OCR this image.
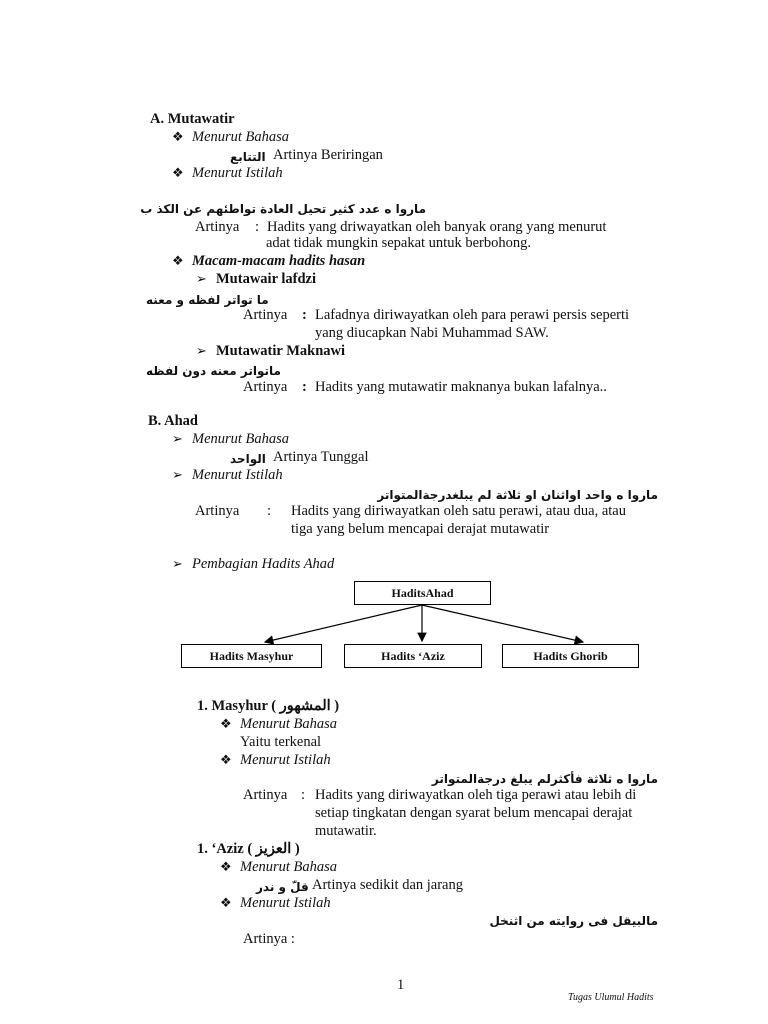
A. Mutawatir
❖ Menurut Bahasa
التتابع Artinya Beriringan
❖ Menurut Istilah
ماروا ه عدد كثير تحيل العادة تواطئهم عن الكذ ب
Artinya : Hadits yang driwayatkan oleh banyak orang yang menurut
adat tidak mungkin sepakat untuk berbohong.
❖ Macam-macam hadits hasan
➢ Mutawair lafdzi
ما تواتر لفظه و معنه
Artinya : Lafadnya diriwayatkan oleh para perawi persis seperti
yang diucapkan Nabi Muhammad SAW.
➢ Mutawatir Maknawi
ماتواتر معنه دون لفظه
Artinya : Hadits yang mutawatir maknanya bukan lafalnya..
B. Ahad
➢ Menurut Bahasa
الواحد Artinya Tunggal
➢ Menurut Istilah
ماروا ه واحد اواثنان او ثلاثة لم يبلغدرجةالمتواتر
Artinya : Hadits yang diriwayatkan oleh satu perawi, atau dua, atau
tiga yang belum mencapai derajat mutawatir
➢ Pembagian Hadits Ahad
HaditsAhad
Hadits Masyhur	Hadits ‘Aziz	Hadits Ghorib
1. Masyhur ( المشهور )
❖ Menurut Bahasa
Yaitu terkenal
❖ Menurut Istilah
ماروا ه ثلاثة فأكثرلم يبلغ درجةالمتواتر
Artinya : Hadits yang diriwayatkan oleh tiga perawi atau lebih di
setiap tingkatan dengan syarat belum mencapai derajat
mutawatir.
1. ‘Aziz ( العزيز )
❖ Menurut Bahasa
قلّ و ندر Artinya sedikit dan jarang
❖ Menurut Istilah
مالبيقل فى روايته من اثنخل
Artinya :
1
Tugas Ulumul Hadits
